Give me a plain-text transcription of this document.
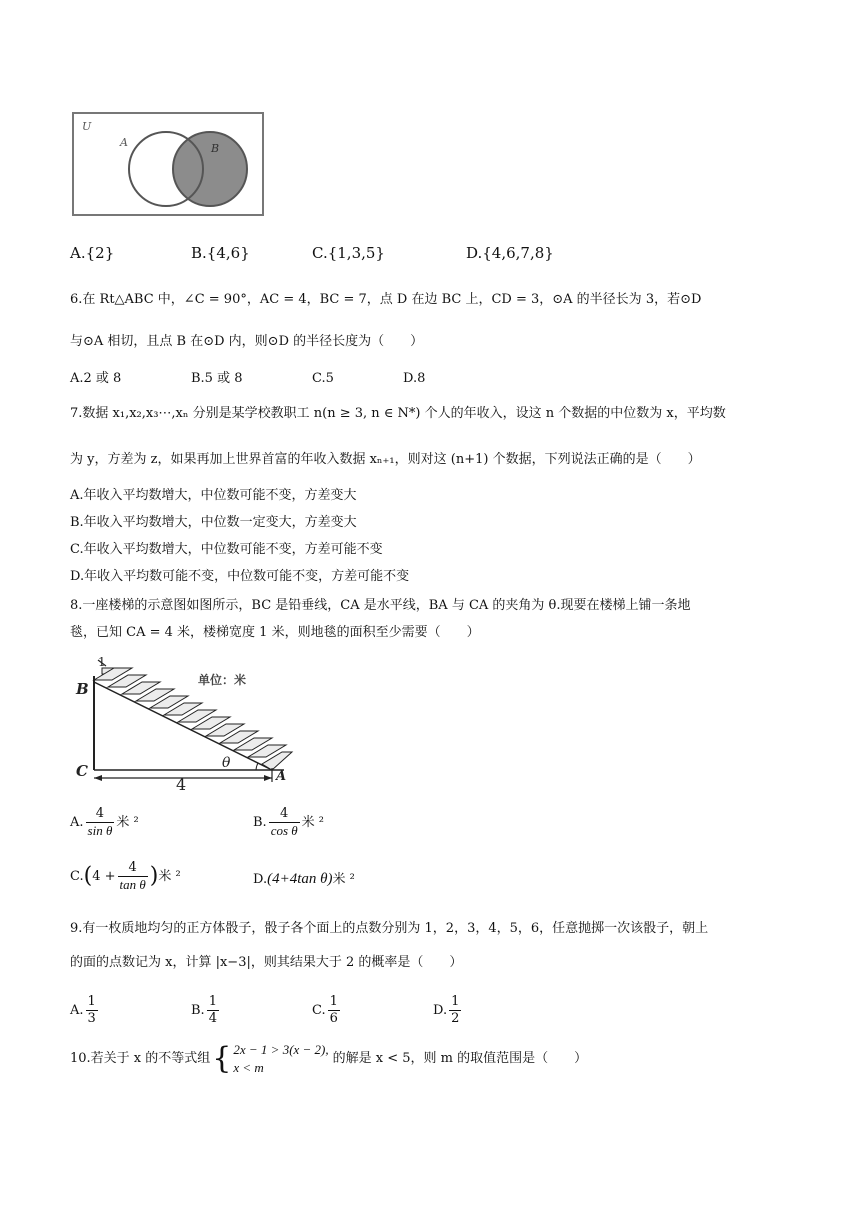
U
A	B
A.{2}	B.{4,6}	C.{1,3,5}	D.{4,6,7,8}
6.在 Rt△ABC 中，∠C = 90°，AC = 4，BC = 7，点 D 在边 BC 上，CD = 3，⊙A 的半径长为 3，若⊙D
与⊙A 相切，且点 B 在⊙D 内，则⊙D 的半径长度为（　　）
A.2 或 8	B.5 或 8	C.5	D.8
7.数据 x₁,x₂,x₃⋯,xₙ 分别是某学校教职工 n(n ≥ 3, n ∈ N*) 个人的年收入，设这 n 个数据的中位数为 x，平均数
为 y，方差为 z，如果再加上世界首富的年收入数据 xₙ₊₁，则对这 (n+1) 个数据，下列说法正确的是（　　）
A.年收入平均数增大，中位数可能不变，方差变大
B.年收入平均数增大，中位数一定变大，方差变大
C.年收入平均数增大，中位数可能不变，方差可能不变
D.年收入平均数可能不变，中位数可能不变，方差可能不变
8.一座楼梯的示意图如图所示，BC 是铅垂线，CA 是水平线，BA 与 CA 的夹角为 θ.现要在楼梯上铺一条地
毯，已知 CA = 4 米，楼梯宽度 1 米，则地毯的面积至少需要（　　）
B
C	A
4
1
θ
单位：米
A. $\frac{4}{\text{sin θ}}$ 米 ²	B. $\frac{4}{\text{cos θ}}$ 米 ²
$C.(4 + \frac{4}{\text{tan θ}}$ )米 ²	D.(4+4tan θ)米 ²
9.有一枚质地均匀的正方体骰子，骰子各个面上的点数分别为 1，2，3，4，5，6，任意抛掷一次该骰子，朝上
的面的点数记为 x，计算 |x−3|，则其结果大于 2 的概率是（　　）
A. $\frac{1}{3}$	B. $\frac{1}{4}$	C. $\frac{1}{6}$	D. $\frac{1}{2}$
10.若关于 x 的不等式组 { 2x − 1 > 3(x − 2),
x < m
的解是 x < 5，则 m 的取值范围是（　　）
